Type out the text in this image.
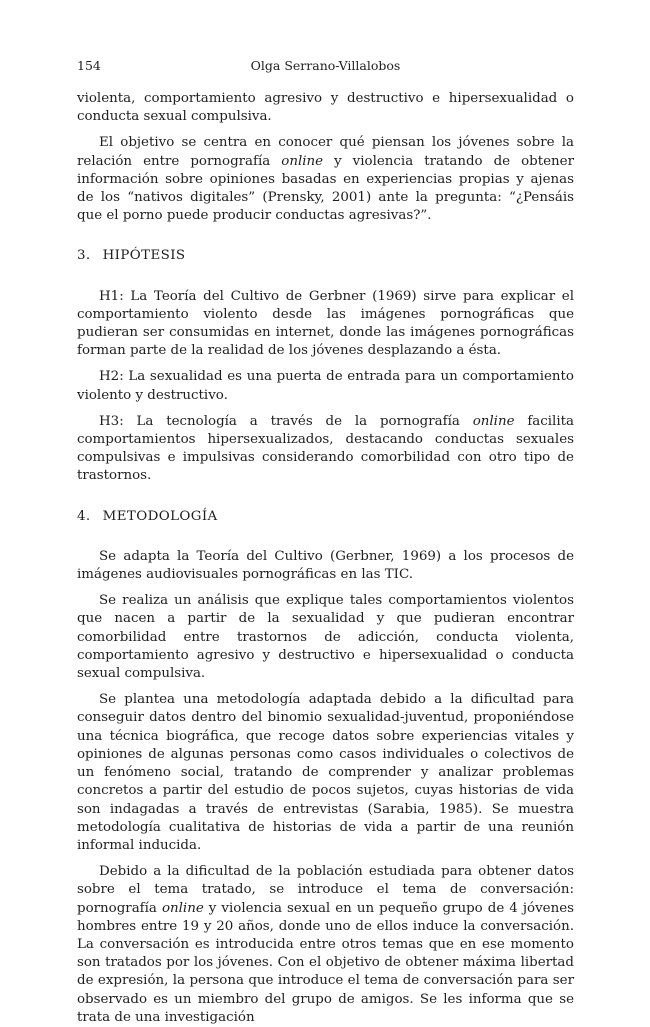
154	Olga Serrano-Villalobos

violenta, comportamiento agresivo y destructivo e hipersexualidad o conducta sexual compulsiva.

El objetivo se centra en conocer qué piensan los jóvenes sobre la relación entre pornografía online y violencia tratando de obtener información sobre opiniones basadas en experiencias propias y ajenas de los “nativos digitales” (Prensky, 2001) ante la pregunta: “¿Pensáis que el porno puede producir conductas agresivas?”.

3. HIPÓTESIS

H1: La Teoría del Cultivo de Gerbner (1969) sirve para explicar el comportamiento violento desde las imágenes pornográficas que pudieran ser consumidas en internet, donde las imágenes pornográficas forman parte de la realidad de los jóvenes desplazando a ésta.

H2: La sexualidad es una puerta de entrada para un comportamiento violento y destructivo.

H3: La tecnología a través de la pornografía online facilita comportamientos hipersexualizados, destacando conductas sexuales compulsivas e impulsivas considerando comorbilidad con otro tipo de trastornos.

4. METODOLOGÍA

Se adapta la Teoría del Cultivo (Gerbner, 1969) a los procesos de imágenes audiovisuales pornográficas en las TIC.

Se realiza un análisis que explique tales comportamientos violentos que nacen a partir de la sexualidad y que pudieran encontrar comorbilidad entre trastornos de adicción, conducta violenta, comportamiento agresivo y destructivo e hipersexualidad o conducta sexual compulsiva.

Se plantea una metodología adaptada debido a la dificultad para conseguir datos dentro del binomio sexualidad-juventud, proponiéndose una técnica biográfica, que recoge datos sobre experiencias vitales y opiniones de algunas personas como casos individuales o colectivos de un fenómeno social, tratando de comprender y analizar problemas concretos a partir del estudio de pocos sujetos, cuyas historias de vida son indagadas a través de entrevistas (Sarabia, 1985). Se muestra metodología cualitativa de historias de vida a partir de una reunión informal inducida.

Debido a la dificultad de la población estudiada para obtener datos sobre el tema tratado, se introduce el tema de conversación: pornografía online y violencia sexual en un pequeño grupo de 4 jóvenes hombres entre 19 y 20 años, donde uno de ellos induce la conversación. La conversación es introducida entre otros temas que en ese momento son tratados por los jóvenes. Con el objetivo de obtener máxima libertad de expresión, la persona que introduce el tema de conversación para ser observado es un miembro del grupo de amigos. Se les informa que se trata de una investigación
